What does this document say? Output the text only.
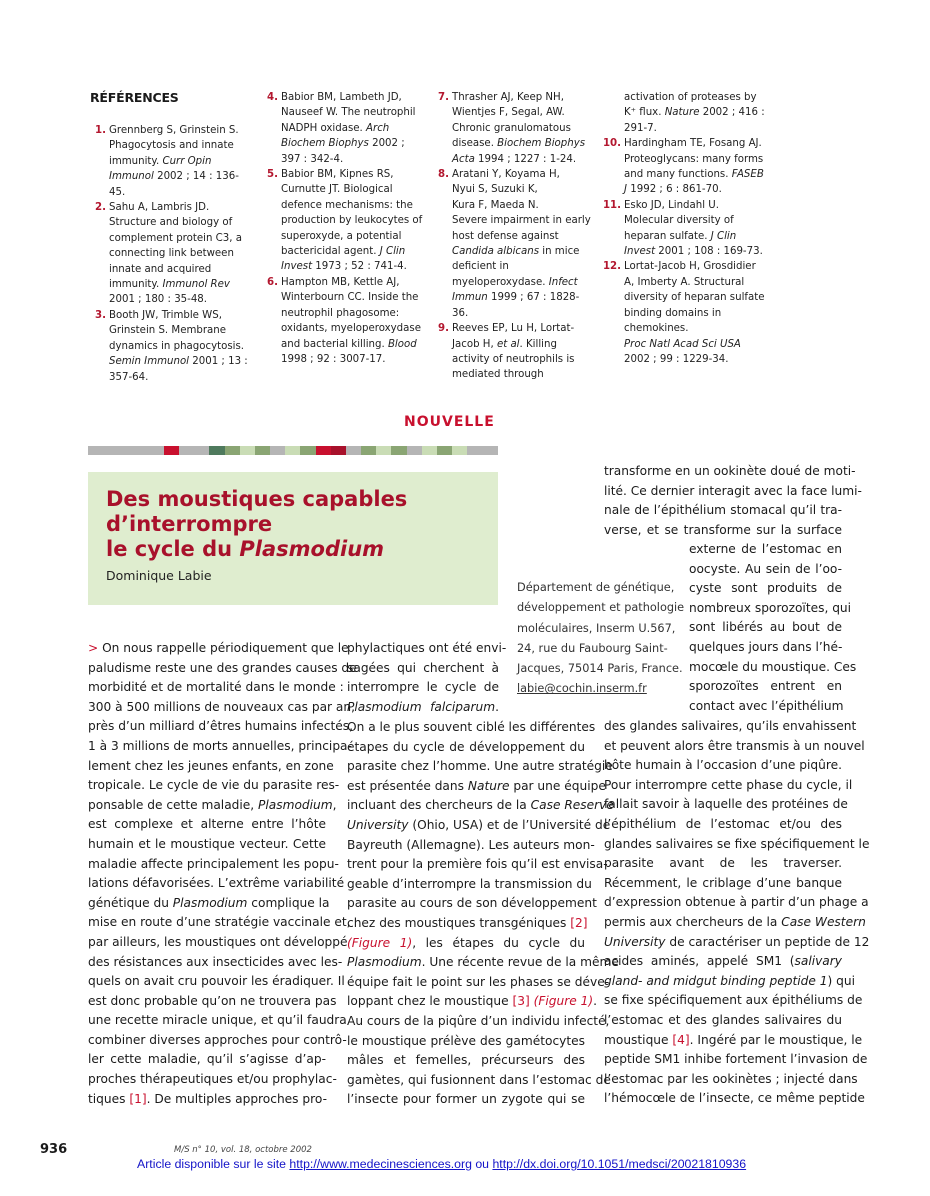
RÉFÉRENCES
1. Grennberg S, Grinstein S.
Phagocytosis and innate
immunity. Curr Opin
Immunol 2002 ; 14 : 136-45.
2. Sahu A, Lambris JD.
Structure and biology of
complement protein C3, a
connecting link between
innate and acquired
immunity. Immunol Rev
2001 ; 180 : 35-48.
3. Booth JW, Trimble WS,
Grinstein S. Membrane
dynamics in phagocytosis.
Semin Immunol 2001 ; 13 :
357-64.
4. Babior BM, Lambeth JD,
Nauseef W. The neutrophil
NADPH oxidase. Arch
Biochem Biophys 2002 ;
397 : 342-4.
5. Babior BM, Kipnes RS,
Curnutte JT. Biological
defence mechanisms: the
production by leukocytes of
superoxyde, a potential
bactericidal agent. J Clin
Invest 1973 ; 52 : 741-4.
6. Hampton MB, Kettle AJ,
Winterbourn CC. Inside the
neutrophil phagosome:
oxidants, myeloperoxydase
and bacterial killing. Blood
1998 ; 92 : 3007-17.
7. Thrasher AJ, Keep NH,
Wientjes F, Segal, AW.
Chronic granulomatous
disease. Biochem Biophys
Acta 1994 ; 1227 : 1-24.
8. Aratani Y, Koyama H,
Nyui S, Suzuki K,
Kura F, Maeda N.
Severe impairment in early
host defense against
Candida albicans in mice
deficient in
myeloperoxydase. Infect
Immun 1999 ; 67 : 1828-36.
9. Reeves EP, Lu H, Lortat-
Jacob H, et al. Killing
activity of neutrophils is
mediated through
activation of proteases by
K⁺ flux. Nature 2002 ; 416 :
291-7.
10. Hardingham TE, Fosang AJ.
Proteoglycans: many forms
and many functions. FASEB
J 1992 ; 6 : 861-70.
11. Esko JD, Lindahl U.
Molecular diversity of
heparan sulfate. J Clin
Invest 2001 ; 108 : 169-73.
12. Lortat-Jacob H, Grosdidier
A, Imberty A. Structural
diversity of heparan sulfate
binding domains in
chemokines.
Proc Natl Acad Sci USA
2002 ; 99 : 1229-34.
NOUVELLE
Des moustiques capables
d’interrompre
le cycle du Plasmodium
Dominique Labie
Département de génétique,
développement et pathologie
moléculaires, Inserm U.567,
24, rue du Faubourg Saint-
Jacques, 75014 Paris, France.
labie@cochin.inserm.fr
> On nous rappelle périodiquement que le
paludisme reste une des grandes causes de
morbidité et de mortalité dans le monde :
300 à 500 millions de nouveaux cas par an,
près d’un milliard d’êtres humains infectés,
1 à 3 millions de morts annuelles, principa-
lement chez les jeunes enfants, en zone
tropicale. Le cycle de vie du parasite res-
ponsable de cette maladie, Plasmodium,
est complexe et alterne entre l’hôte
humain et le moustique vecteur. Cette
maladie affecte principalement les popu-
lations défavorisées. L’extrême variabilité
génétique du Plasmodium complique la
mise en route d’une stratégie vaccinale et,
par ailleurs, les moustiques ont développé
des résistances aux insecticides avec les-
quels on avait cru pouvoir les éradiquer. Il
est donc probable qu’on ne trouvera pas
une recette miracle unique, et qu’il faudra
combiner diverses approches pour contrô-
ler cette maladie, qu’il s’agisse d’ap-
proches thérapeutiques et/ou prophylac-
tiques [1]. De multiples approches pro-
phylactiques ont été envi-
sagées qui cherchent à
interrompre le cycle de
Plasmodium falciparum.
On a le plus souvent ciblé les différentes
étapes du cycle de développement du
parasite chez l’homme. Une autre stratégie
est présentée dans Nature par une équipe
incluant des chercheurs de la Case Reserve
University (Ohio, USA) et de l’Université de
Bayreuth (Allemagne). Les auteurs mon-
trent pour la première fois qu’il est envisa-
geable d’interrompre la transmission du
parasite au cours de son développement
chez des moustiques transgéniques [2]
(Figure 1), les étapes du cycle du
Plasmodium. Une récente revue de la même
équipe fait le point sur les phases se déve-
loppant chez le moustique [3] (Figure 1).
Au cours de la piqûre d’un individu infecté,
le moustique prélève des gamétocytes
mâles et femelles, précurseurs des
gamètes, qui fusionnent dans l’estomac de
l’insecte pour former un zygote qui se
transforme en un ookinète doué de moti-
lité. Ce dernier interagit avec la face lumi-
nale de l’épithélium stomacal qu’il tra-
verse, et se transforme sur la surface
externe de l’estomac en
oocyste. Au sein de l’oo-
cyste sont produits de
nombreux sporozoïtes, qui
sont libérés au bout de
quelques jours dans l’hé-
mocœle du moustique. Ces
sporozoïtes entrent en
contact avec l’épithélium
des glandes salivaires, qu’ils envahissent
et peuvent alors être transmis à un nouvel
hôte humain à l’occasion d’une piqûre.
Pour interrompre cette phase du cycle, il
fallait savoir à laquelle des protéines de
l’épithélium de l’estomac et/ou des
glandes salivaires se fixe spécifiquement le
parasite avant de les traverser.
Récemment, le criblage d’une banque
d’expression obtenue à partir d’un phage a
permis aux chercheurs de la Case Western
University de caractériser un peptide de 12
acides aminés, appelé SM1 (salivary
gland- and midgut binding peptide 1) qui
se fixe spécifiquement aux épithéliums de
l’estomac et des glandes salivaires du
moustique [4]. Ingéré par le moustique, le
peptide SM1 inhibe fortement l’invasion de
l’estomac par les ookinètes ; injecté dans
l’hémocœle de l’insecte, ce même peptide
936	M/S n° 10, vol. 18, octobre 2002
Article disponible sur le site http://www.medecinesciences.org ou http://dx.doi.org/10.1051/medsci/20021810936
